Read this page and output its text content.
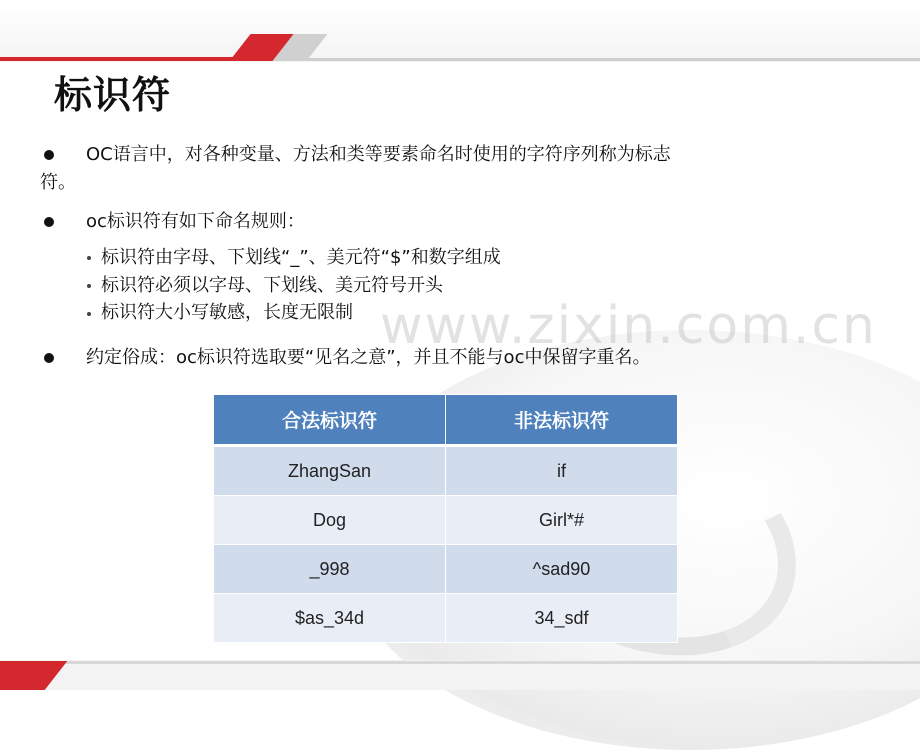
标识符
OC语言中，对各种变量、方法和类等要素命名时使用的字符序列称为标志
符。
oc标识符有如下命名规则：
标识符由字母、下划线“_”、美元符“$”和数字组成
标识符必须以字母、下划线、美元符号开头
标识符大小写敏感，长度无限制 www.zixin.com.cn
约定俗成：oc标识符选取要“见名之意”，并且不能与oc中保留字重名。
合法标识符	非法标识符
ZhangSan	if
Dog	Girl*#
_998	^sad90
$as_34d	34_sdf
